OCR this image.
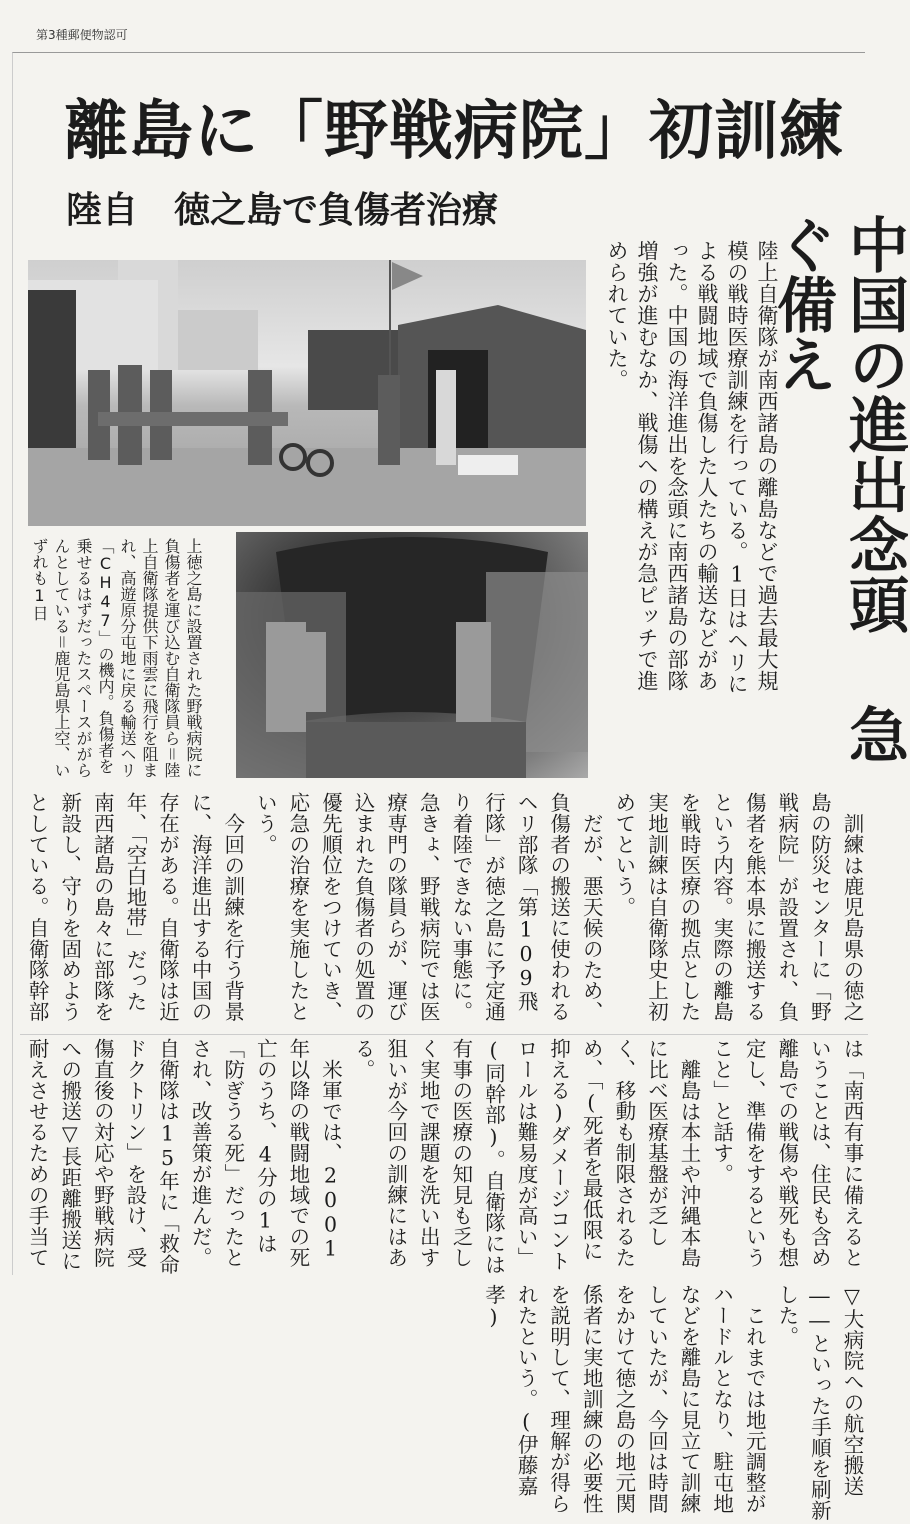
第3種郵便物認可
離島に「野戦病院」初訓練
陸自　徳之島で負傷者治療
中国の進出念頭 急ぐ備え
陸上自衛隊が南西諸島の離島などで過去最大規模の戦時医療訓練を行っている。1日はヘリによる戦闘地域で負傷した人たちの輸送などがあった。中国の海洋進出を念頭に南西諸島の部隊増強が進むなか、戦傷への構えが急ピッチで進められていた。
上徳之島に設置された野戦病院に負傷者を運び込む自衛隊員ら＝陸上自衛隊提供下雨雲に飛行を阻まれ、高遊原分屯地に戻る輸送ヘリ「CH47」の機内。負傷者を乗せるはずだったスペースががらんとしている＝鹿児島県上空、いずれも1日

訓練は鹿児島県の徳之島の防災センターに「野戦病院」が設置され、負傷者を熊本県に搬送するという内容。実際の離島を戦時医療の拠点とした実地訓練は自衛隊史上初めてという。

だが、悪天候のため、負傷者の搬送に使われるヘリ部隊「第109飛行隊」が徳之島に予定通り着陸できない事態に。急きょ、野戦病院では医療専門の隊員らが、運び込まれた負傷者の処置の優先順位をつけていき、応急の治療を実施したという。

今回の訓練を行う背景に、海洋進出する中国の存在がある。自衛隊は近年、「空白地帯」だった南西諸島の島々に部隊を新設し、守りを固めようとしている。自衛隊幹部は「南西有事に備えるということは、住民も含め離島での戦傷や戦死も想定し、準備をするということ」と話す。

離島は本土や沖縄本島に比べ医療基盤が乏しく、移動も制限されるため、「(死者を最低限に抑える)ダメージコントロールは難易度が高い」(同幹部)。自衛隊には有事の医療の知見も乏しく実地で課題を洗い出す狙いが今回の訓練にはある。

米軍では、2001年以降の戦闘地域での死亡のうち、4分の1は「防ぎうる死」だったとされ、改善策が進んだ。自衛隊は15年に「救命ドクトリン」を設け、受傷直後の対応や野戦病院への搬送▽長距離搬送に耐えさせるための手当て▽大病院への航空搬送――といった手順を刷新した。

これまでは地元調整がハードルとなり、駐屯地などを離島に見立て訓練していたが、今回は時間をかけて徳之島の地元関係者に実地訓練の必要性を説明して、理解が得られたという。(伊藤嘉孝)
